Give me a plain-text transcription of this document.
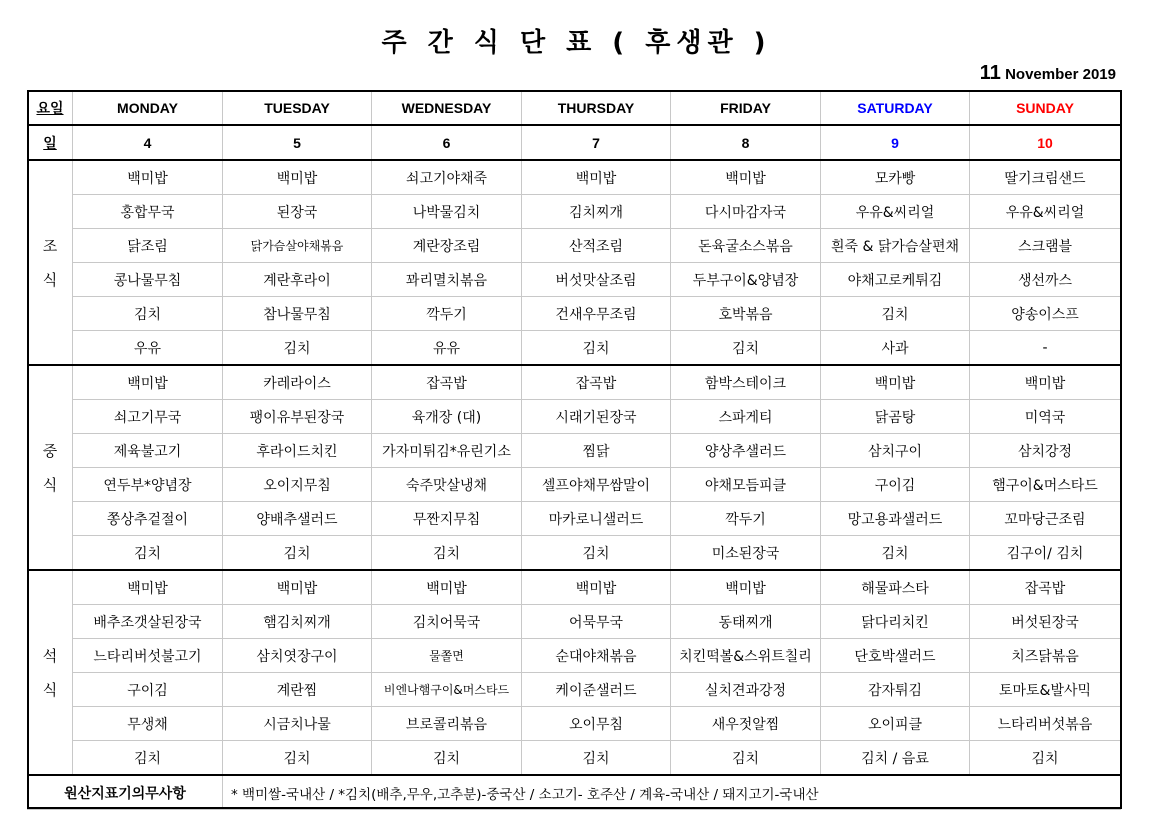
주 간 식 단 표 ( 후생관 )
11 November 2019
요일	MONDAY	TUESDAY	WEDNESDAY	THURSDAY	FRIDAY	SATURDAY	SUNDAY
일	4	5	6	7	8	9	10

조
식	백미밥	백미밥	쇠고기야채죽	백미밥	백미밥	모카빵	딸기크림샌드
	홍합무국	된장국	나박물김치	김치찌개	다시마감자국	우유&씨리얼	우유&씨리얼
	닭조림	닭가슴살야채볶음	계란장조림	산적조림	돈육굴소스볶음	흰죽 & 닭가슴살편채	스크램블
	콩나물무침	계란후라이	꽈리멸치볶음	버섯맛살조림	두부구이&양념장	야채고로케튀김	생선까스
	김치	참나물무침	깍두기	건새우무조림	호박볶음	김치	양송이스프
	우유	김치	유유	김치	김치	사과	-

중
식	백미밥	카레라이스	잡곡밥	잡곡밥	함박스테이크	백미밥	백미밥
	쇠고기무국	팽이유부된장국	육개장 (대)	시래기된장국	스파게티	닭곰탕	미역국
	제육불고기	후라이드치킨	가자미튀김*유린기소	찜닭	양상추샐러드	삼치구이	삼치강정
	연두부*양념장	오이지무침	숙주맛살냉채	셀프야채무쌈말이	야채모듬피클	구이김	햄구이&머스타드
	쫑상추겉절이	양배추샐러드	무짠지무침	마카로니샐러드	깍두기	망고용과샐러드	꼬마당근조림
	김치	김치	김치	김치	미소된장국	김치	김구이/ 김치

석
식	백미밥	백미밥	백미밥	백미밥	백미밥	해물파스타	잡곡밥
	배추조갯살된장국	햄김치찌개	김치어묵국	어묵무국	동태찌개	닭다리치킨	버섯된장국
	느타리버섯불고기	삼치엿장구이	물쫄면	순대야채볶음	치킨떡볼&스위트칠리	단호박샐러드	치즈닭볶음
	구이김	계란찜	비엔나햄구이&머스타드	케이준샐러드	실치견과강정	감자튀김	토마토&발사믹
	무생채	시금치나물	브로콜리볶음	오이무침	새우젓알찜	오이피클	느타리버섯볶음
	김치	김치	김치	김치	김치	김치 / 음료	김치
원산지표기의무사항		* 백미쌀-국내산 / *김치(배추,무우,고추분)-중국산 / 소고기- 호주산 / 계육-국내산 / 돼지고기-국내산					
